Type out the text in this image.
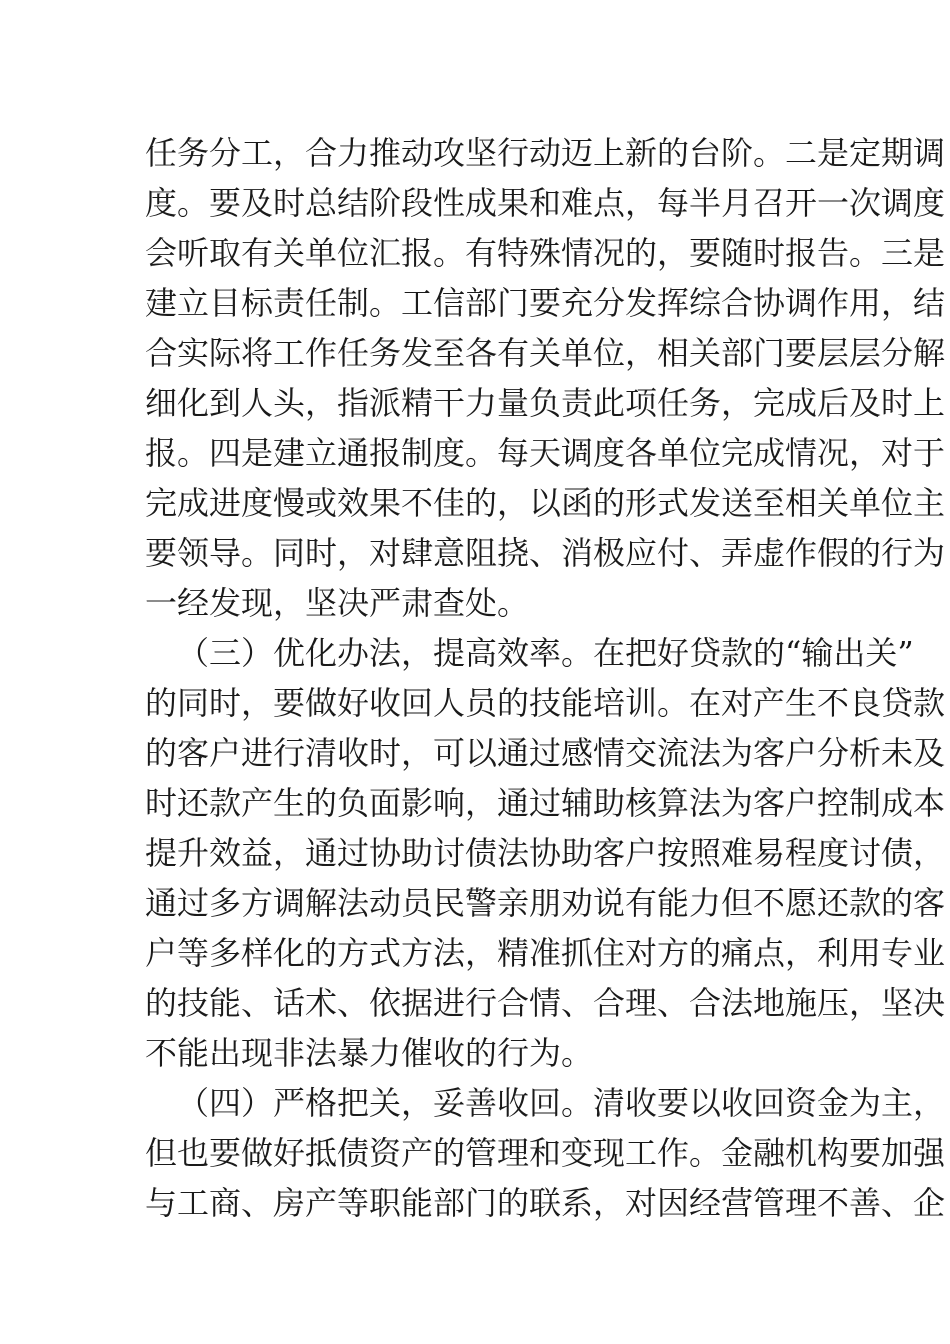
任务分工，合力推动攻坚行动迈上新的台阶。二是定期调
度。要及时总结阶段性成果和难点，每半月召开一次调度
会听取有关单位汇报。有特殊情况的，要随时报告。三是
建立目标责任制。工信部门要充分发挥综合协调作用，结
合实际将工作任务发至各有关单位，相关部门要层层分解
细化到人头，指派精干力量负责此项任务，完成后及时上
报。四是建立通报制度。每天调度各单位完成情况，对于
完成进度慢或效果不佳的，以函的形式发送至相关单位主
要领导。同时，对肆意阻挠、消极应付、弄虚作假的行为
一经发现，坚决严肃查处。
（三）优化办法，提高效率。在把好贷款的“输出关”
的同时，要做好收回人员的技能培训。在对产生不良贷款
的客户进行清收时，可以通过感情交流法为客户分析未及
时还款产生的负面影响，通过辅助核算法为客户控制成本
提升效益，通过协助讨债法协助客户按照难易程度讨债，
通过多方调解法动员民警亲朋劝说有能力但不愿还款的客
户等多样化的方式方法，精准抓住对方的痛点，利用专业
的技能、话术、依据进行合情、合理、合法地施压，坚决
不能出现非法暴力催收的行为。
（四）严格把关，妥善收回。清收要以收回资金为主，
但也要做好抵债资产的管理和变现工作。金融机构要加强
与工商、房产等职能部门的联系，对因经营管理不善、企
